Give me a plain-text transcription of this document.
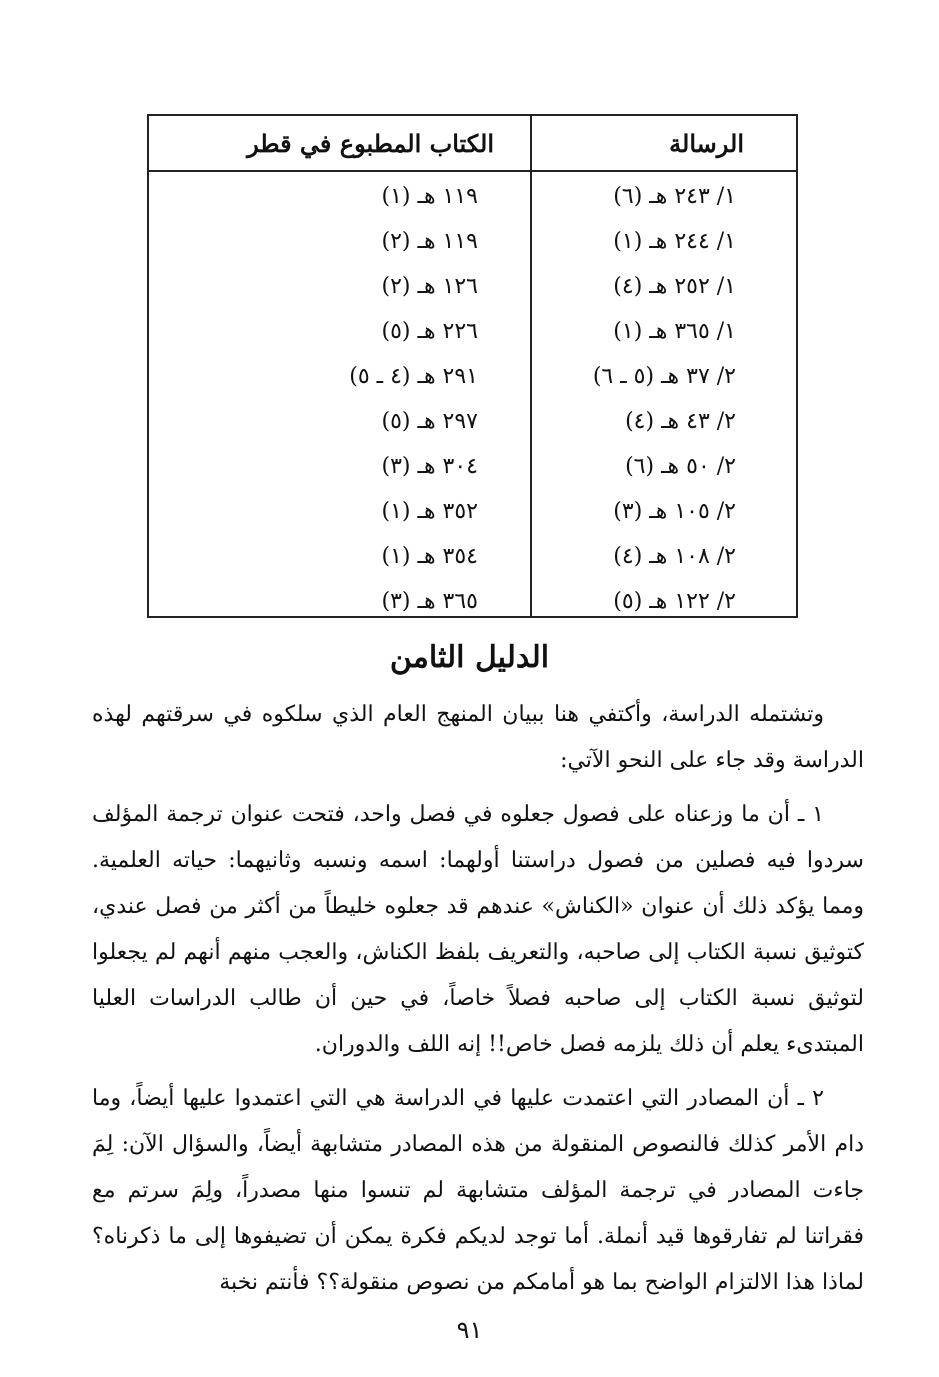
الرسالة
الكتاب المطبوع في قطر
١/ ٢٤٣ هـ (٦)
١/ ٢٤٤ هـ (١)
١/ ٢٥٢ هـ (٤)
١/ ٣٦٥ هـ (١)
٢/ ٣٧ هـ (٥ ـ ٦)
٢/ ٤٣ هـ (٤)
٢/ ٥٠ هـ (٦)
٢/ ١٠٥ هـ (٣)
٢/ ١٠٨ هـ (٤)
٢/ ١٢٢ هـ (٥)
١١٩ هـ (١)
١١٩ هـ (٢)
١٢٦ هـ (٢)
٢٢٦ هـ (٥)
٢٩١ هـ (٤ ـ ٥)
٢٩٧ هـ (٥)
٣٠٤ هـ (٣)
٣٥٢ هـ (١)
٣٥٤ هـ (١)
٣٦٥ هـ (٣)
الدليل الثامن

وتشتمله الدراسة، وأكتفي هنا ببيان المنهج العام الذي سلكوه في سرقتهم لهذه الدراسة وقد جاء على النحو الآتي:

١ ـ أن ما وزعناه على فصول جعلوه في فصل واحد، فتحت عنوان ترجمة المؤلف سردوا فيه فصلين من فصول دراستنا أولهما: اسمه ونسبه وثانيهما: حياته العلمية. ومما يؤكد ذلك أن عنوان «الكناش» عندهم قد جعلوه خليطاً من أكثر من فصل عندي، كتوثيق نسبة الكتاب إلى صاحبه، والتعريف بلفظ الكناش، والعجب منهم أنهم لم يجعلوا لتوثيق نسبة الكتاب إلى صاحبه فصلاً خاصاً، في حين أن طالب الدراسات العليا المبتدىء يعلم أن ذلك يلزمه فصل خاص!! إنه اللف والدوران.

٢ ـ أن المصادر التي اعتمدت عليها في الدراسة هي التي اعتمدوا عليها أيضاً، وما دام الأمر كذلك فالنصوص المنقولة من هذه المصادر متشابهة أيضاً، والسؤال الآن: لِمَ جاءت المصادر في ترجمة المؤلف متشابهة لم تنسوا منها مصدراً، ولِمَ سرتم مع فقراتنا لم تفارقوها قيد أنملة. أما توجد لديكم فكرة يمكن أن تضيفوها إلى ما ذكرناه؟ لماذا هذا الالتزام الواضح بما هو أمامكم من نصوص منقولة؟؟ فأنتم نخبة

٩١
